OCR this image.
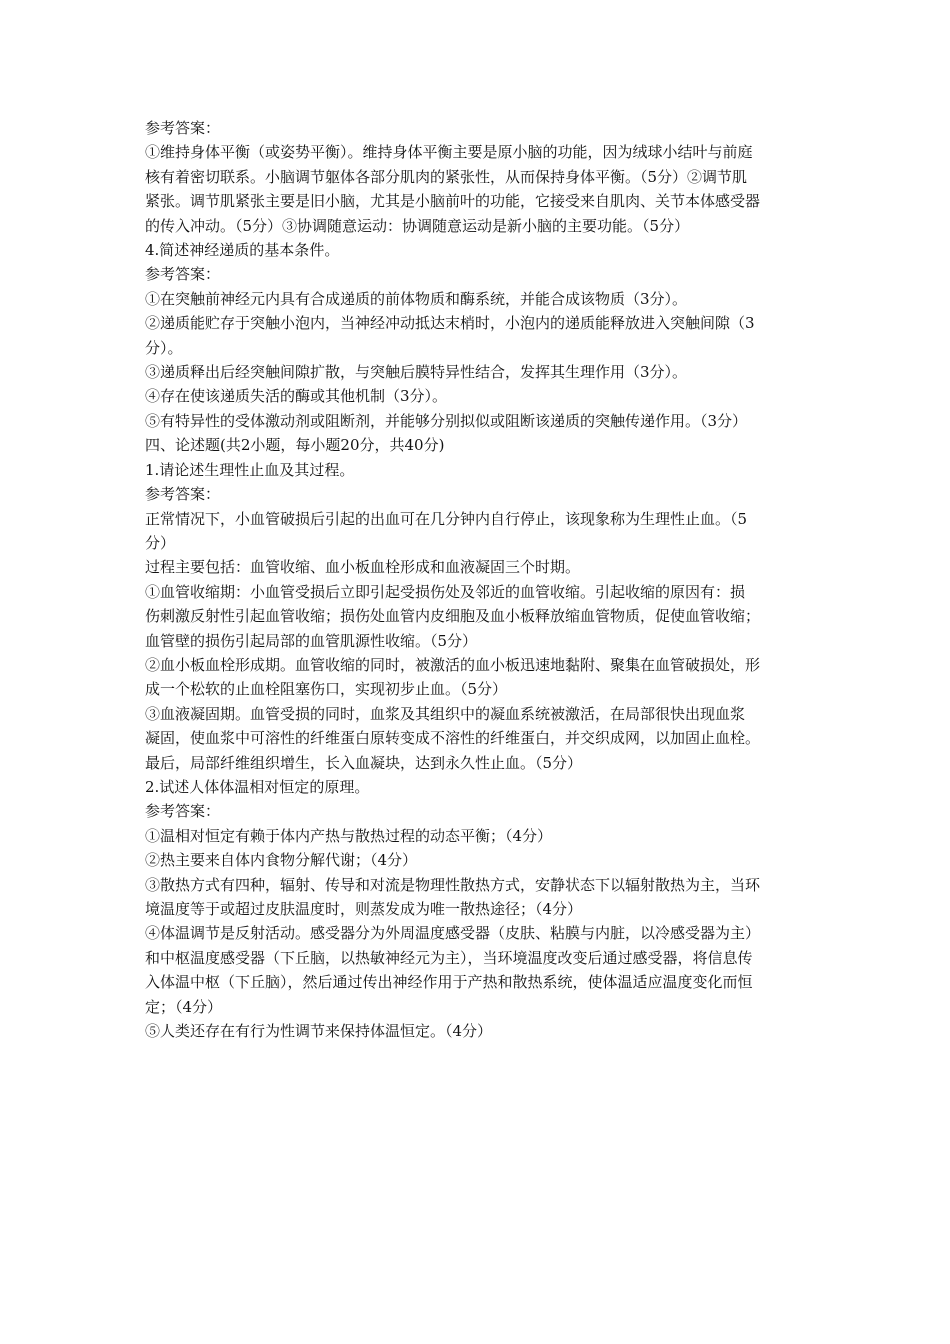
参考答案：

①维持身体平衡（或姿势平衡）。维持身体平衡主要是原小脑的功能，因为绒球小结叶与前庭

核有着密切联系。小脑调节躯体各部分肌肉的紧张性，从而保持身体平衡。（5分）②调节肌

紧张。调节肌紧张主要是旧小脑，尤其是小脑前叶的功能，它接受来自肌肉、关节本体感受器

的传入冲动。（5分）③协调随意运动：协调随意运动是新小脑的主要功能。（5分）

4.简述神经递质的基本条件。

参考答案：

①在突触前神经元内具有合成递质的前体物质和酶系统，并能合成该物质（3分）。

②递质能贮存于突触小泡内，当神经冲动抵达末梢时，小泡内的递质能释放进入突触间隙（3

分）。

③递质释出后经突触间隙扩散，与突触后膜特异性结合，发挥其生理作用（3分）。

④存在使该递质失活的酶或其他机制（3分）。

⑤有特异性的受体激动剂或阻断剂，并能够分别拟似或阻断该递质的突触传递作用。（3分）

四、论述题(共2小题，每小题20分，共40分)

1.请论述生理性止血及其过程。

参考答案：

正常情况下，小血管破损后引起的出血可在几分钟内自行停止，该现象称为生理性止血。（5

分）

过程主要包括：血管收缩、血小板血栓形成和血液凝固三个时期。

①血管收缩期：小血管受损后立即引起受损伤处及邻近的血管收缩。引起收缩的原因有：损

伤刺激反射性引起血管收缩；损伤处血管内皮细胞及血小板释放缩血管物质，促使血管收缩；

血管壁的损伤引起局部的血管肌源性收缩。（5分）

②血小板血栓形成期。血管收缩的同时，被激活的血小板迅速地黏附、聚集在血管破损处，形

成一个松软的止血栓阻塞伤口，实现初步止血。（5分）

③血液凝固期。血管受损的同时，血浆及其组织中的凝血系统被激活，在局部很快出现血浆

凝固，使血浆中可溶性的纤维蛋白原转变成不溶性的纤维蛋白，并交织成网，以加固止血栓。

最后，局部纤维组织增生，长入血凝块，达到永久性止血。（5分）

2.试述人体体温相对恒定的原理。

参考答案：

①温相对恒定有赖于体内产热与散热过程的动态平衡；（4分）

②热主要来自体内食物分解代谢；（4分）

③散热方式有四种，辐射、传导和对流是物理性散热方式，安静状态下以辐射散热为主，当环

境温度等于或超过皮肤温度时，则蒸发成为唯一散热途径；（4分）

④体温调节是反射活动。感受器分为外周温度感受器（皮肤、粘膜与内脏，以冷感受器为主）

和中枢温度感受器（下丘脑，以热敏神经元为主），当环境温度改变后通过感受器，将信息传

入体温中枢（下丘脑），然后通过传出神经作用于产热和散热系统，使体温适应温度变化而恒

定；（4分）

⑤人类还存在有行为性调节来保持体温恒定。（4分）
